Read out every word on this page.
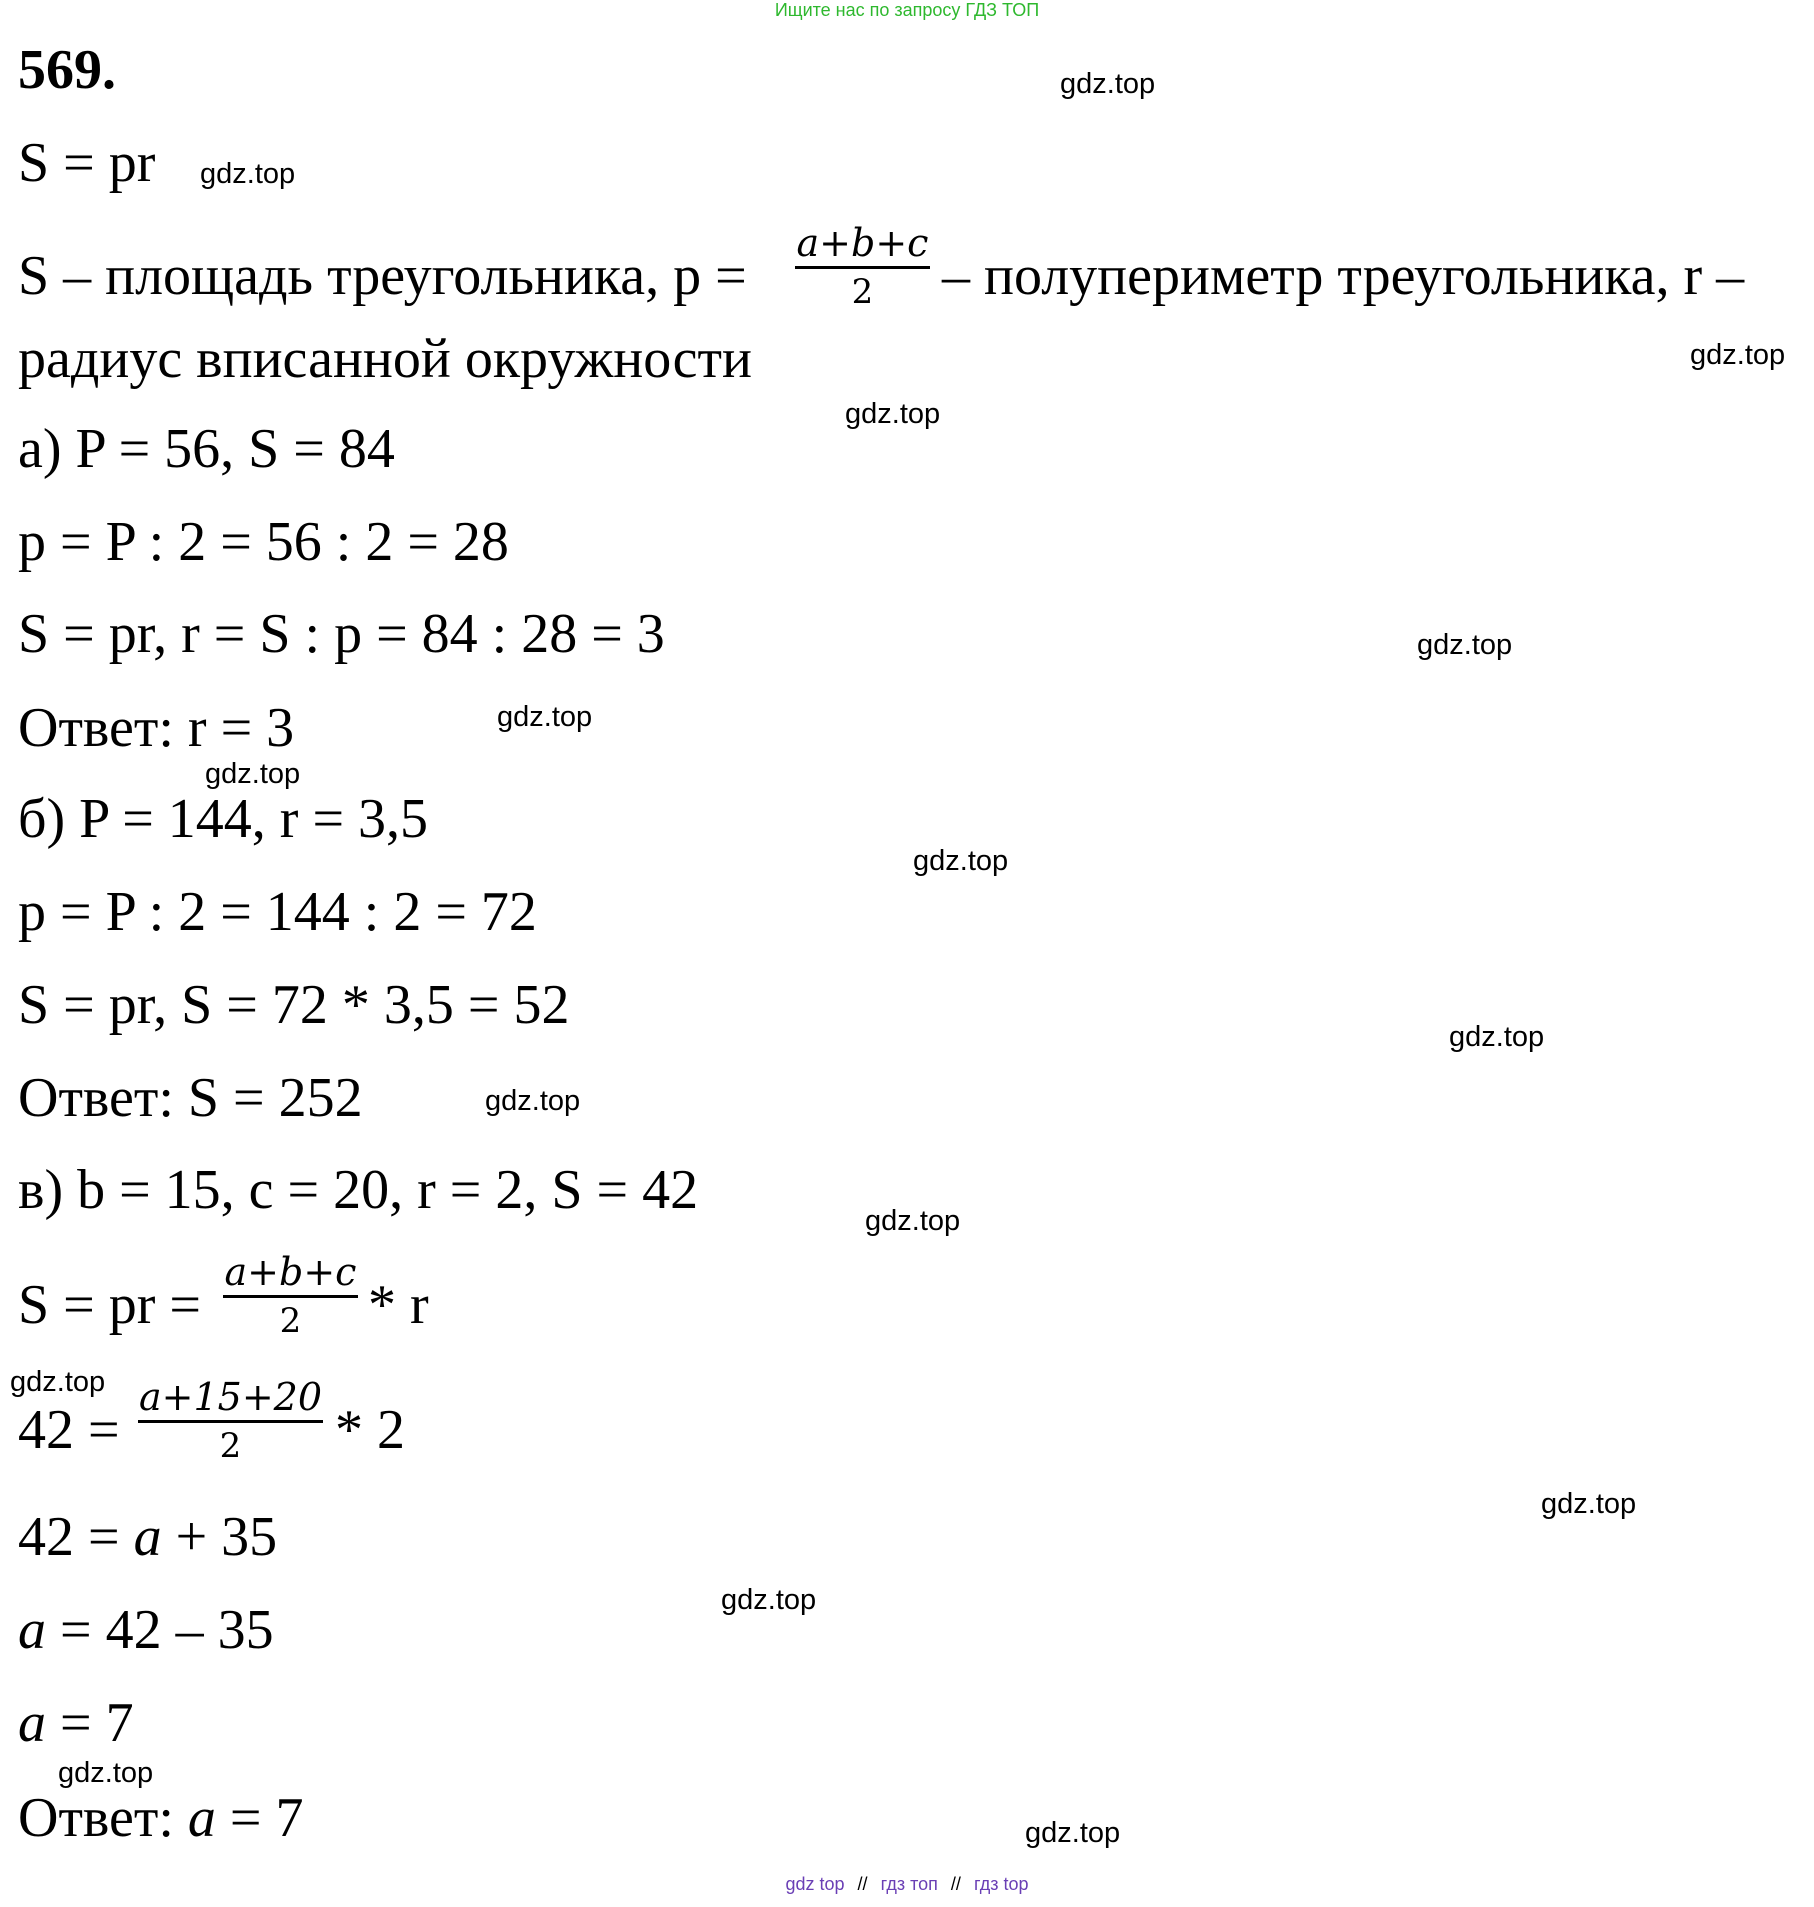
Ищите нас по запросу ГДЗ ТОП
569.	gdz.top
gdz.top
gdz.top
gdz.top
gdz.top
gdz.top
gdz.top
gdz.top
gdz.top
gdz.top
gdz.top
gdz.top
gdz.top
gdz.top
gdz.top
gdz.top
S = pr
S – площадь треугольника, p =
a+b+c
2	– полупериметр треугольника, r –
радиус вписанной окружности
а) P = 56, S = 84
p = P : 2 = 56 : 2 = 28
S = pr, r = S : p = 84 : 28 = 3
Ответ: r = 3
б) P = 144, r = 3,5
p = P : 2 = 144 : 2 = 72
S = pr, S = 72 * 3,5 = 52
Ответ: S = 252
в) b = 15, c = 20, r = 2, S = 42
S = pr =
a+b+c
2	* r
42 =
a+15+20
2	* 2
42 = a + 35
a = 42 – 35
a = 7
Ответ: a = 7
gdz top // гдз топ // гдз top
